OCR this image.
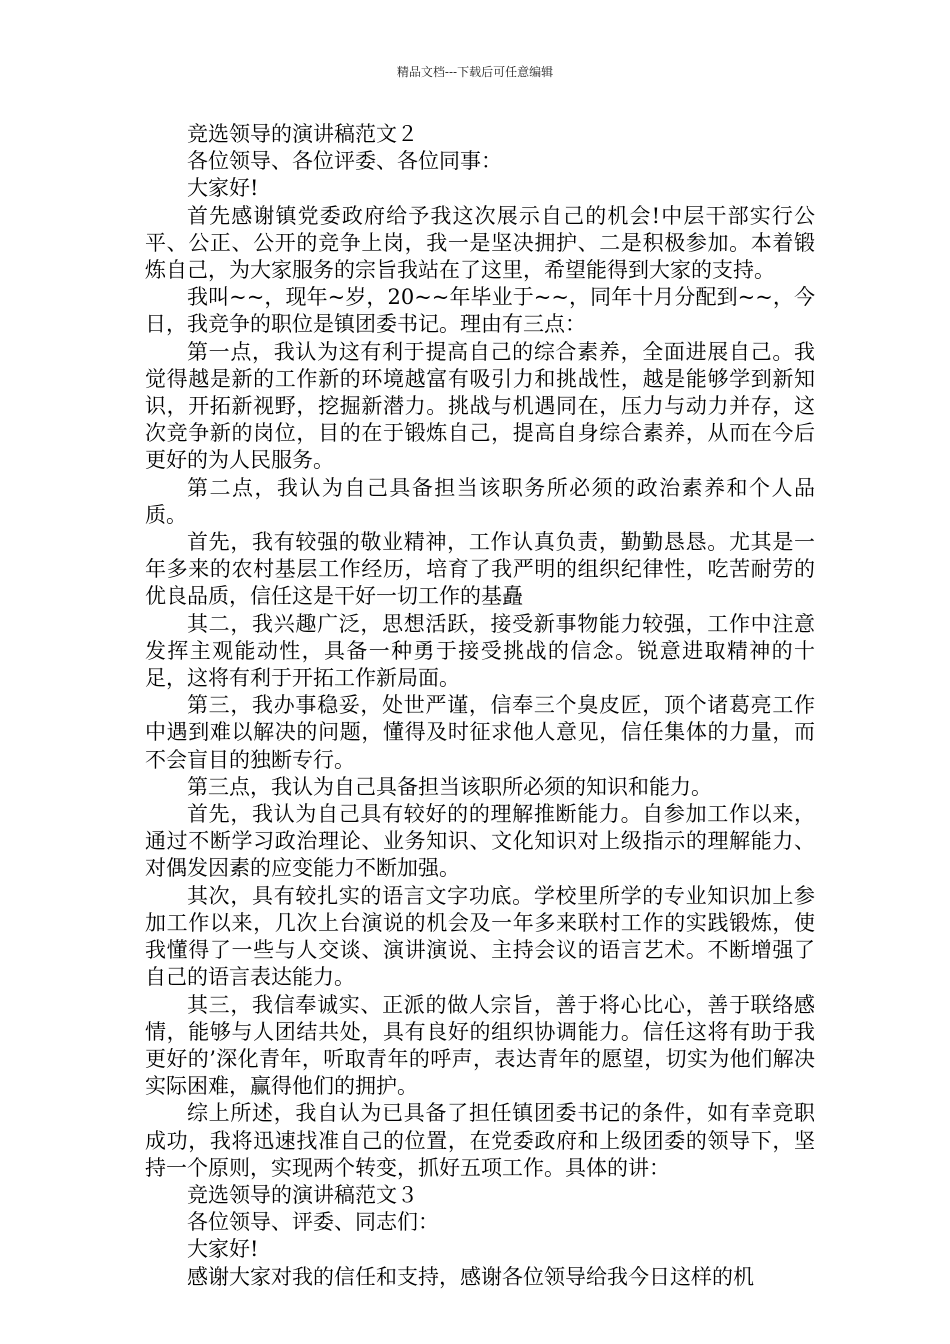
精品文档---下载后可任意编辑

竞选领导的演讲稿范文２

各位领导、各位评委、各位同事：

大家好!

首先感谢镇党委政府给予我这次展示自己的机会!中层干部实行公平、公正、公开的竞争上岗，我一是坚决拥护、二是积极参加。本着锻炼自己，为大家服务的宗旨我站在了这里，希望能得到大家的支持。

我叫~~，现年~岁，20~~年毕业于~~，同年十月分配到~~，今日，我竞争的职位是镇团委书记。理由有三点：

第一点，我认为这有利于提高自己的综合素养，全面进展自己。我觉得越是新的工作新的环境越富有吸引力和挑战性，越是能够学到新知识，开拓新视野，挖掘新潜力。挑战与机遇同在，压力与动力并存，这次竞争新的岗位，目的在于锻炼自己，提高自身综合素养，从而在今后更好的为人民服务。

第二点，我认为自己具备担当该职务所必须的政治素养和个人品质。

首先，我有较强的敬业精神，工作认真负责，勤勤恳恳。尤其是一年多来的农村基层工作经历，培育了我严明的组织纪律性，吃苦耐劳的优良品质，信任这是干好一切工作的基矗

其二，我兴趣广泛，思想活跃，接受新事物能力较强，工作中注意发挥主观能动性，具备一种勇于接受挑战的信念。锐意进取精神的十足，这将有利于开拓工作新局面。

第三，我办事稳妥，处世严谨，信奉三个臭皮匠，顶个诸葛亮工作中遇到难以解决的问题，懂得及时征求他人意见，信任集体的力量，而不会盲目的独断专行。

第三点，我认为自己具备担当该职所必须的知识和能力。

首先，我认为自己具有较好的的理解推断能力。自参加工作以来，通过不断学习政治理论、业务知识、文化知识对上级指示的理解能力、对偶发因素的应变能力不断加强。

其次，具有较扎实的语言文字功底。学校里所学的专业知识加上参加工作以来，几次上台演说的机会及一年多来联村工作的实践锻炼，使我懂得了一些与人交谈、演讲演说、主持会议的语言艺术。不断增强了自己的语言表达能力。

其三，我信奉诚实、正派的做人宗旨，善于将心比心，善于联络感情，能够与人团结共处，具有良好的组织协调能力。信任这将有助于我更好的’深化青年，听取青年的呼声，表达青年的愿望，切实为他们解决实际困难，赢得他们的拥护。

综上所述，我自认为已具备了担任镇团委书记的条件，如有幸竞职成功，我将迅速找准自己的位置，在党委政府和上级团委的领导下，坚持一个原则，实现两个转变，抓好五项工作。具体的讲：

竞选领导的演讲稿范文３

各位领导、评委、同志们：

大家好!

感谢大家对我的信任和支持，感谢各位领导给我今日这样的机
